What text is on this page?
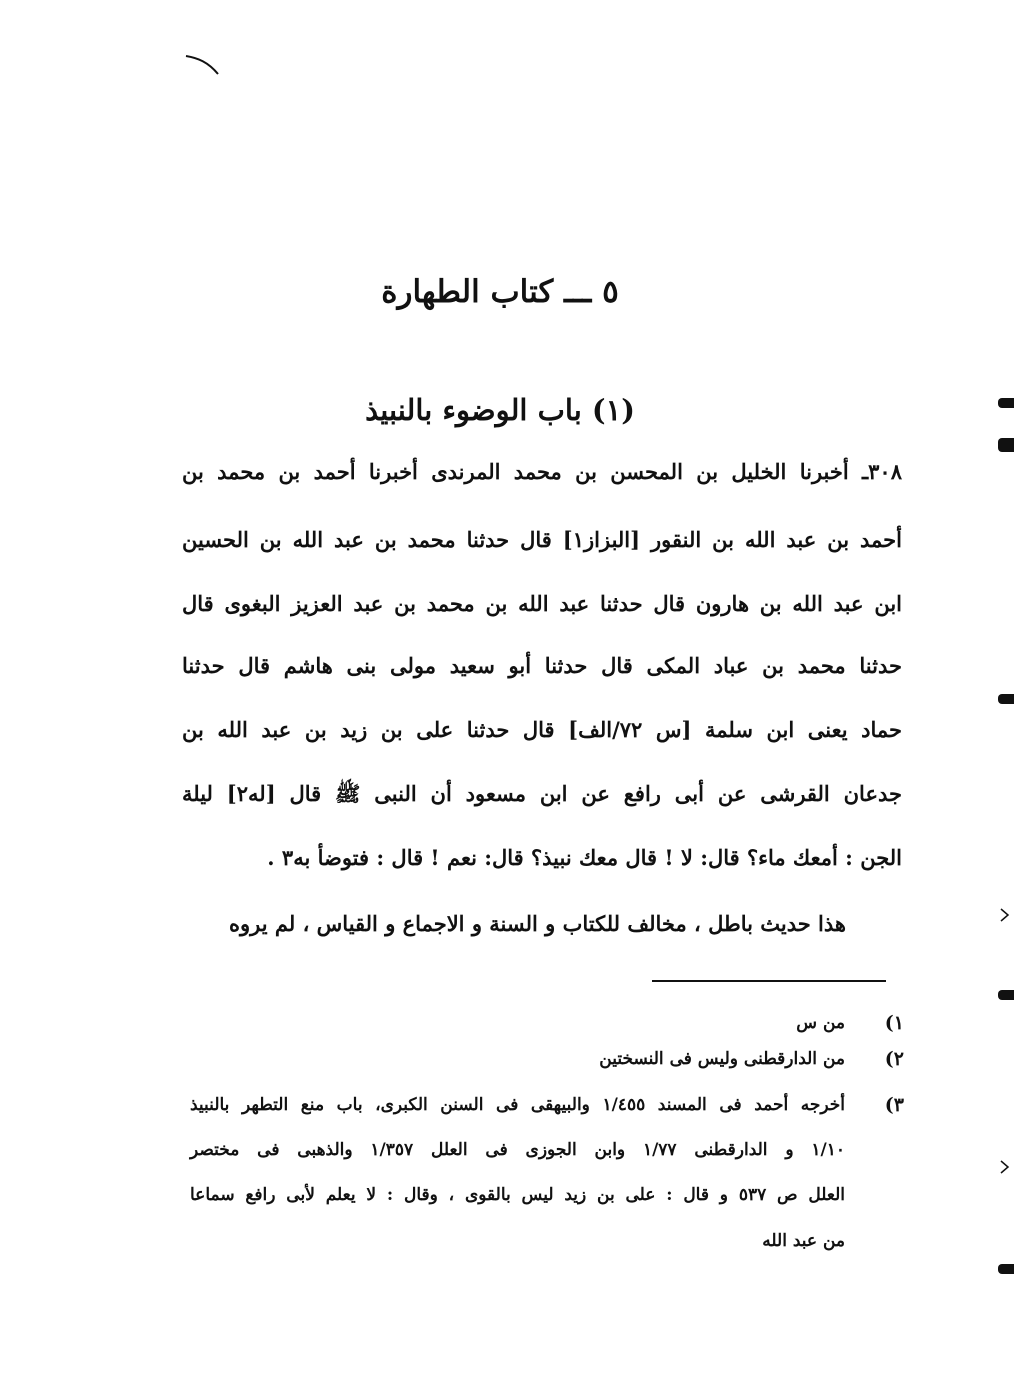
٥ ـــ كتاب الطهارة
(١) باب الوضوء بالنبيذ
٣٠٨ـ أخبرنا الخليل بن المحسن بن محمد المرندى أخبرنا أحمد بن محمد بن
أحمد بن عبد الله بن النقور [البزاز١] قال حدثنا محمد بن عبد الله بن الحسين
ابن عبد الله بن هارون قال حدثنا عبد الله بن محمد بن عبد العزيز البغوى قال
حدثنا محمد بن عباد المكى قال حدثنا أبو سعيد مولى بنى هاشم قال حدثنا
حماد يعنى ابن سلمة [س ٧٢/الف] قال حدثنا على بن زيد بن عبد الله بن
جدعان القرشى عن أبى رافع عن ابن مسعود أن النبى ﷺ قال [له٢] ليلة
الجن : أمعك ماء؟ قال: لا ! قال معك نبيذ؟ قال: نعم ! قال : فتوضأ به٣ .
هذا حديث باطل ، مخالف للكتاب و السنة و الاجماع و القياس ، لم يروه
١)
من س
٢)
من الدارقطنى وليس فى النسختين
٣)
أخرجه أحمد فى المسند ١/٤٥٥ والبيهقى فى السنن الكبرى، باب منع التطهر بالنبيذ
١/١٠ و الدارقطنى ١/٧٧ وابن الجوزى فى العلل ١/٣٥٧ والذهبى فى مختصر
العلل ص ٥٣٧ و قال : على بن زيد ليس بالقوى ، وقال : لا يعلم لأبى رافع سماعا
من عبد الله
